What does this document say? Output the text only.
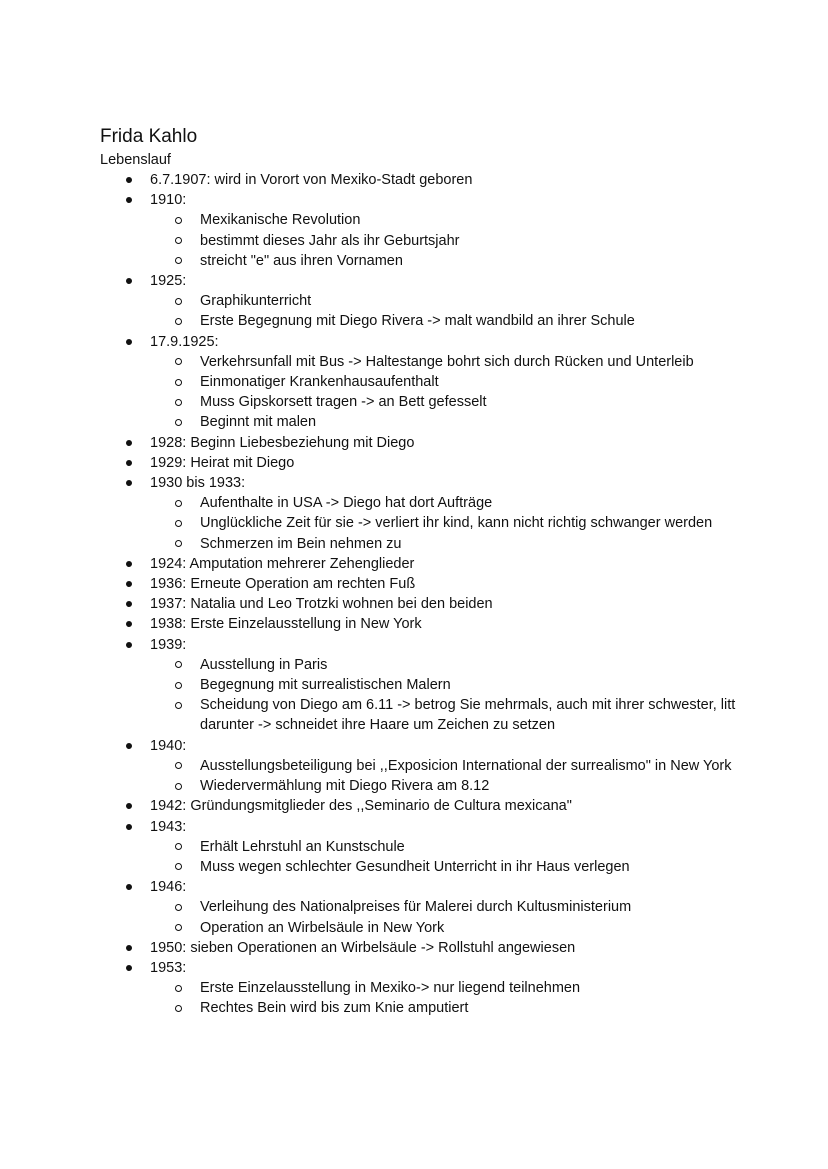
Frida Kahlo
Lebenslauf
6.7.1907: wird in Vorort von Mexiko-Stadt geboren
1910:
Mexikanische Revolution
bestimmt dieses Jahr als ihr Geburtsjahr
streicht "e" aus ihren Vornamen
1925:
Graphikunterricht
Erste Begegnung mit Diego Rivera -> malt wandbild an ihrer Schule
17.9.1925:
Verkehrsunfall mit Bus -> Haltestange bohrt sich durch Rücken und Unterleib
Einmonatiger Krankenhausaufenthalt
Muss Gipskorsett tragen -> an Bett gefesselt
Beginnt mit malen
1928: Beginn Liebesbeziehung mit Diego
1929: Heirat mit Diego
1930 bis 1933:
Aufenthalte in USA -> Diego hat dort Aufträge
Unglückliche Zeit für sie -> verliert ihr kind, kann nicht richtig schwanger werden
Schmerzen im Bein nehmen zu
1924: Amputation mehrerer Zehenglieder
1936: Erneute Operation am rechten Fuß
1937: Natalia und Leo Trotzki wohnen bei den beiden
1938: Erste Einzelausstellung in New York
1939:
Ausstellung in Paris
Begegnung mit surrealistischen Malern
Scheidung von Diego am 6.11 -> betrog Sie mehrmals, auch mit ihrer schwester, litt darunter -> schneidet ihre Haare um Zeichen zu setzen
1940:
Ausstellungsbeteiligung bei ,,Exposicion International der surrealismo" in New York
Wiedervermählung mit Diego Rivera am 8.12
1942: Gründungsmitglieder des ,,Seminario de Cultura mexicana"
1943:
Erhält Lehrstuhl an Kunstschule
Muss wegen schlechter Gesundheit Unterricht in ihr Haus verlegen
1946:
Verleihung des Nationalpreises für Malerei durch Kultusministerium
Operation an Wirbelsäule in New York
1950: sieben Operationen an Wirbelsäule -> Rollstuhl angewiesen
1953:
Erste Einzelausstellung in Mexiko-> nur liegend teilnehmen
Rechtes Bein wird bis zum Knie amputiert
